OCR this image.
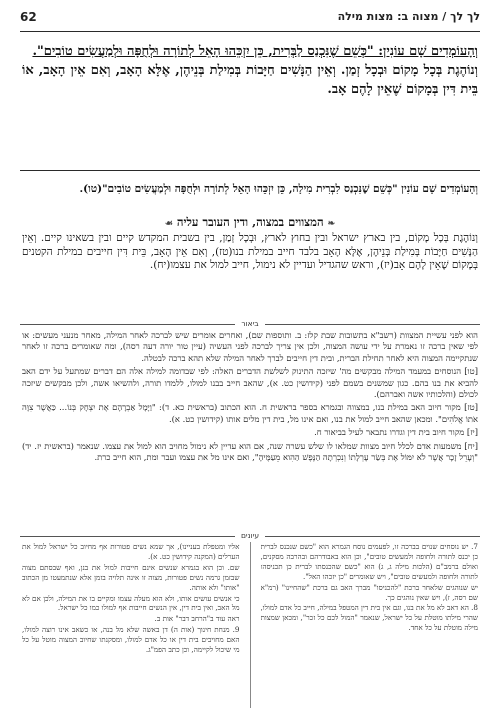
62	לך לך / מצוה ב: מצות מילה

וְהָעוֹמְדִים שָׁם עוֹנִין: "כְּשֵׁם שֶׁנִּכְנַס לַבְּרִית, כֵּן יִזְכֵּהוּ הָאֵל לְתוֹרָה וּלְחֻפָּה וּלְמַעֲשִׂים טוֹבִים".

וְנוֹהֶגֶת בְּכָל מָקוֹם וּבְכָל זְמַן. וְאֵין הַנָּשִׁים חַיָּבוֹת בְּמִילַת בְּנֵיהֶן, אֶלָּא הָאָב, וְאִם אֵין הָאָב, אוֹ בֵּית דִּין בְּמָקוֹם שֶׁאֵין לָהֶם אָב.

וְהָעוֹמְדִים שָׁם עוֹנִין "כְּשֵׁם שֶׁנִּכְנַס לִבְרִית מִילָה, כֵּן יִזְכֵּהוּ הָאֵל לְתוֹרָה וּלְחֻפָּה וּלְמַעֲשִׂים טוֹבִים"(טו).

❧המצווים במצוה, ודין העובר עליה☙

וְנוֹהֶגֶת בְּכָל מָקוֹם, בין בארץ ישראל ובין בחוץ לארץ, וּבְכָל זְמַן, בין בשבית המקדש קיים ובין בשאינו קיים. וְאֵין הַנָּשִׁים חַיָּבוֹת בְּמִילַת בְּנֵיהֶן, אֶלָּא הָאָב בלבד חייב במילת בנו(טז), וְאִם אֵין הָאָב, בֵּית דִּין חייבים במילת הקטנים בְּמָקוֹם שֶׁאֵין לָהֶם אָב(יז), וראש שהגדיל ועדיין לא נימול, חייב למול את עצמו(יח).

ביאור

הוא לפני עשיית המצוות (רשב"א בתשובות שבת קלז: ב. ותוספות שם), ואחרים אומרים שיש לברכה לאחר המילה, מאחר מנעני מעשים: או לפי שאין ברכה זו נאמרת על ידי עושה המצוה, ולכן אין צריך לברכה לפני העשיה (עיין טור יורה דעה רסה), ומה שאומרים ברכה זו לאחר שנתקיימה המצוה היא לאחר תחילת הברית, ובית דין חייבים לברך לאחר המילה שלא תהא ברכה לבטלה.

[טו] הנוסחים במעמד המילה מבקשים מה' שיזכה התינוק לשלשת הדברים האלה: לפי שבדומה למילה אלה הם דברים שמתעל על ידם האב להביא את בנו בהם. כגון שמשנים בשמם לפני (קידושין כט. א), שהאב חייב בבנו למולו, ללמדו תורה, ולהשיאו אשה, ולכן מבקשים שיזכה לכולם (והלכותיו אשה ואברהם).

[טז] מקור חיוב האב במילת בנו, במצווה ובגמרא בספר בראשית ח. הוא הכתוב (בראשית כא. ד): "וַיָּמָל אַבְרָהָם אֶת יִצְחָק בְּנוֹ... כַּאֲשֶׁר צִוָּה אֹתוֹ אֱלֹהִים". ומכאן שהאב חייב למול את בנו, ואם אינו מל, בית דין מלים אותו (קידושין כט. א).

[יז] מקור חיוב בית דין וגדרו נתבאר לעיל בביאור ח.

[יח] משמעות אדם לכלל חיוב מצוות שמלאו לו שלש עשרה שנה, אם הוא עדיין לא נימול מחויב הוא למול את עצמו. שנאמר (בראשית יז. יד) "וְעָרֵל זָכָר אֲשֶׁר לֹא יִמּוֹל אֶת בְּשַׂר עָרְלָתוֹ וְנִכְרְתָה הַנֶּפֶשׁ הַהִוא מֵעַמֶּיהָ", ואם אינו מל את עצמו ועבר ומת, הוא חייב כרת.

עיונים

7. יש נוסחים שנוים בברכה זו, לפעמים נוסח הגמרא הוא "כשם שנכנס לברית כן יכנס לתורה ולחופה ולמעשים טובים", וכן הוא באבודרהם ובהרבה מסקנים, ואולם ברמב"ם (הלכות מילה ג, ג) הוא "כשם שהכנסתו לברית כן תכניסהו לתורה ולחופה ולמעשים טובים", ויש שאומרים "כן יזכהו האל".

יש שנוהגים שלאחר ברכת "להכניסו" מברך האב גם ברכת "שהחיינו" (רמ"א שם רסה, ז), ויש שאין נוהגים כך.

8. הא דאב לא מל את בנו, וגם אין בית דין המטפל במילה, חייב כל אדם למולו, שהרי מילתו מוטלת על כל ישראל, שנאמר "המול לכם כל זכר", ומכאן שמצות מילה מוטלת על כל אחד.

אליו ומטפלת בעניינו), אך שמא נשים פטורות אף מחיוב כל ישראל למול את הערלים (המקנה קידושין כט. א).

שם. וכן הוא בגמרא שנשים אינם חייבות למול את בנן, ואף שבסתם מצוה שבזמן גרמה נשים פטורות, מצוה זו אינה תלויה בזמן אלא שנתמעטו מן הכתוב "אותו" ולא אותה.

כי אנשים עושים אותו, ולא הוא מעלה עצמו ומקיים בו את המילה, ולכן אם לא מל האב, ואין בית דין, אין הנשים חייבות אף למולו כמו כל ישראל.

ראה עוד ב"הרחב דבר" אות ב.

9. מנחת חינוך (אות ה) דן באשה שלא מל בנה, או כשאב אינו רוצה למולו, האם מחויבים בית דין או כל אדם למולו, ומסקנתו שחיוב המצוה מוטל על כל מי שיכול לקיימה, וכן כתב הפמ"ג.
